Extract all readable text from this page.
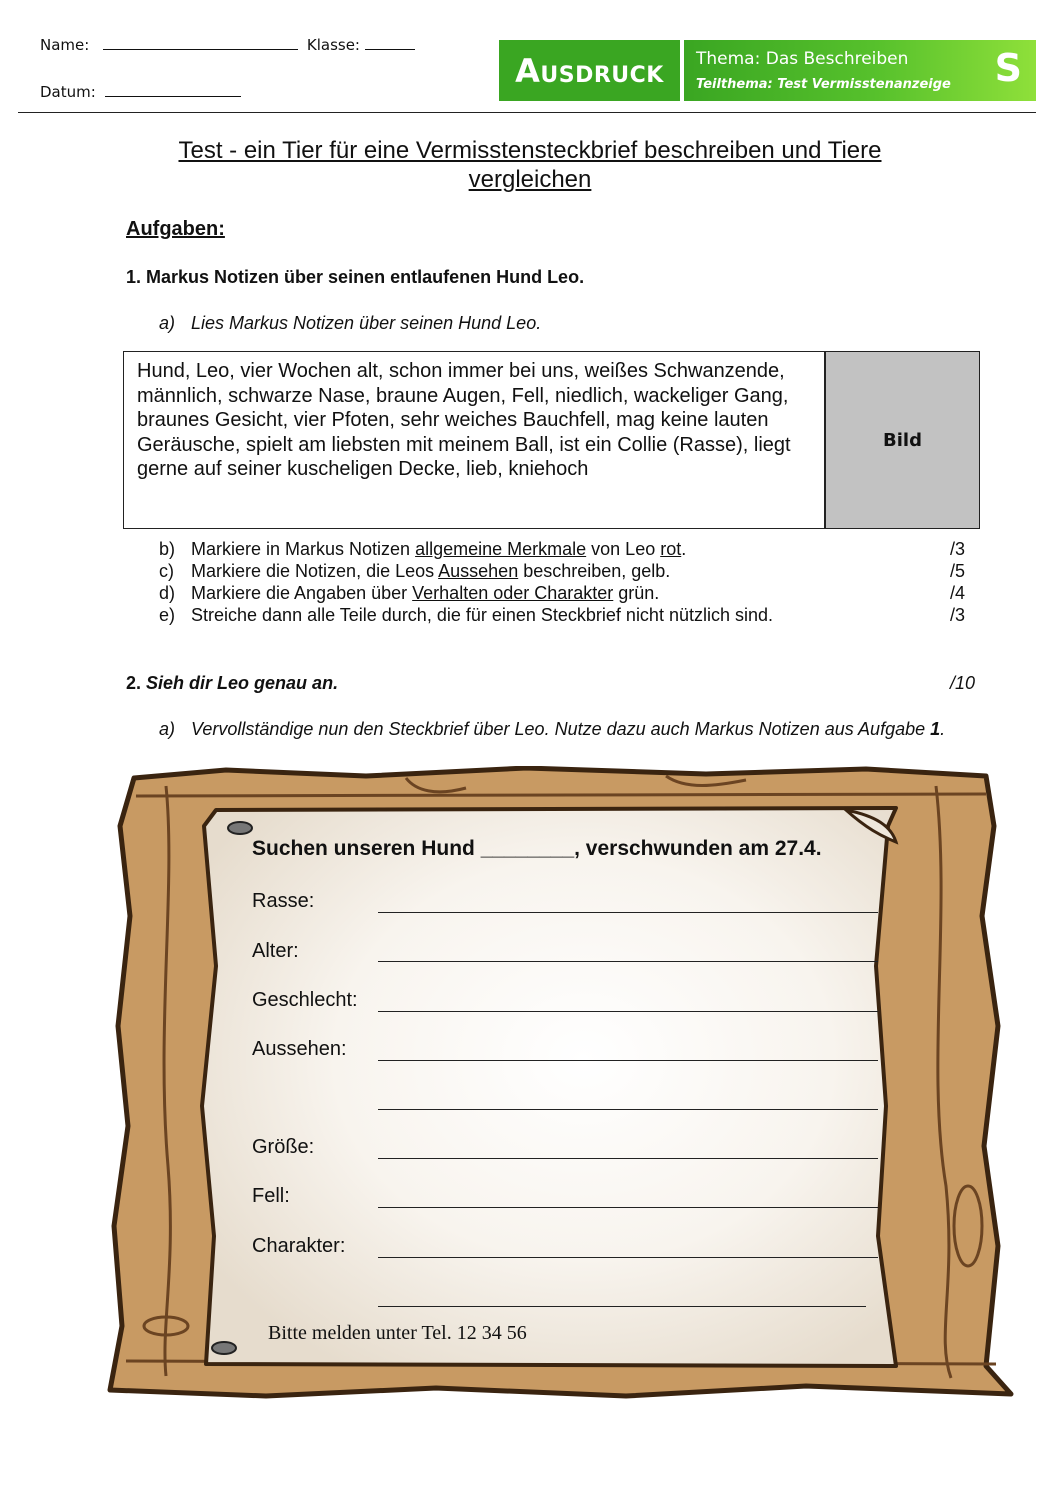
Name:	Klasse:
Datum:
Ausdruck	Thema: Das Beschreiben
Teilthema: Test Vermisstenanzeige S
Test - ein Tier für eine Vermisstensteckbrief beschreiben und Tiere vergleichen
Aufgaben:
1. Markus Notizen über seinen entlaufenen Hund Leo.
a) Lies Markus Notizen über seinen Hund Leo.
Hund, Leo, vier Wochen alt, schon immer bei uns, weißes Schwanzende, männlich, schwarze Nase, braune Augen, Fell, niedlich, wackeliger Gang, braunes Gesicht, vier Pfoten, sehr weiches Bauchfell, mag keine lauten Geräusche, spielt am liebsten mit meinem Ball, ist ein Collie (Rasse), liegt gerne auf seiner kuscheligen Decke, lieb, kniehoch
Bild
b) Markiere in Markus Notizen allgemeine Merkmale von Leo rot.	/3
c) Markiere die Notizen, die Leos Aussehen beschreiben, gelb.	/5
d) Markiere die Angaben über Verhalten oder Charakter grün.	/4
e) Streiche dann alle Teile durch, die für einen Steckbrief nicht nützlich sind.	/3
2. Sieh dir Leo genau an.	/10
a) Vervollständige nun den Steckbrief über Leo. Nutze dazu auch Markus Notizen aus Aufgabe 1.
Suchen unseren Hund ________, verschwunden am 27.4.
Rasse:
Alter:
Geschlecht:
Aussehen:
Größe:
Fell:
Charakter:
Bitte melden unter Tel. 12 34 56
